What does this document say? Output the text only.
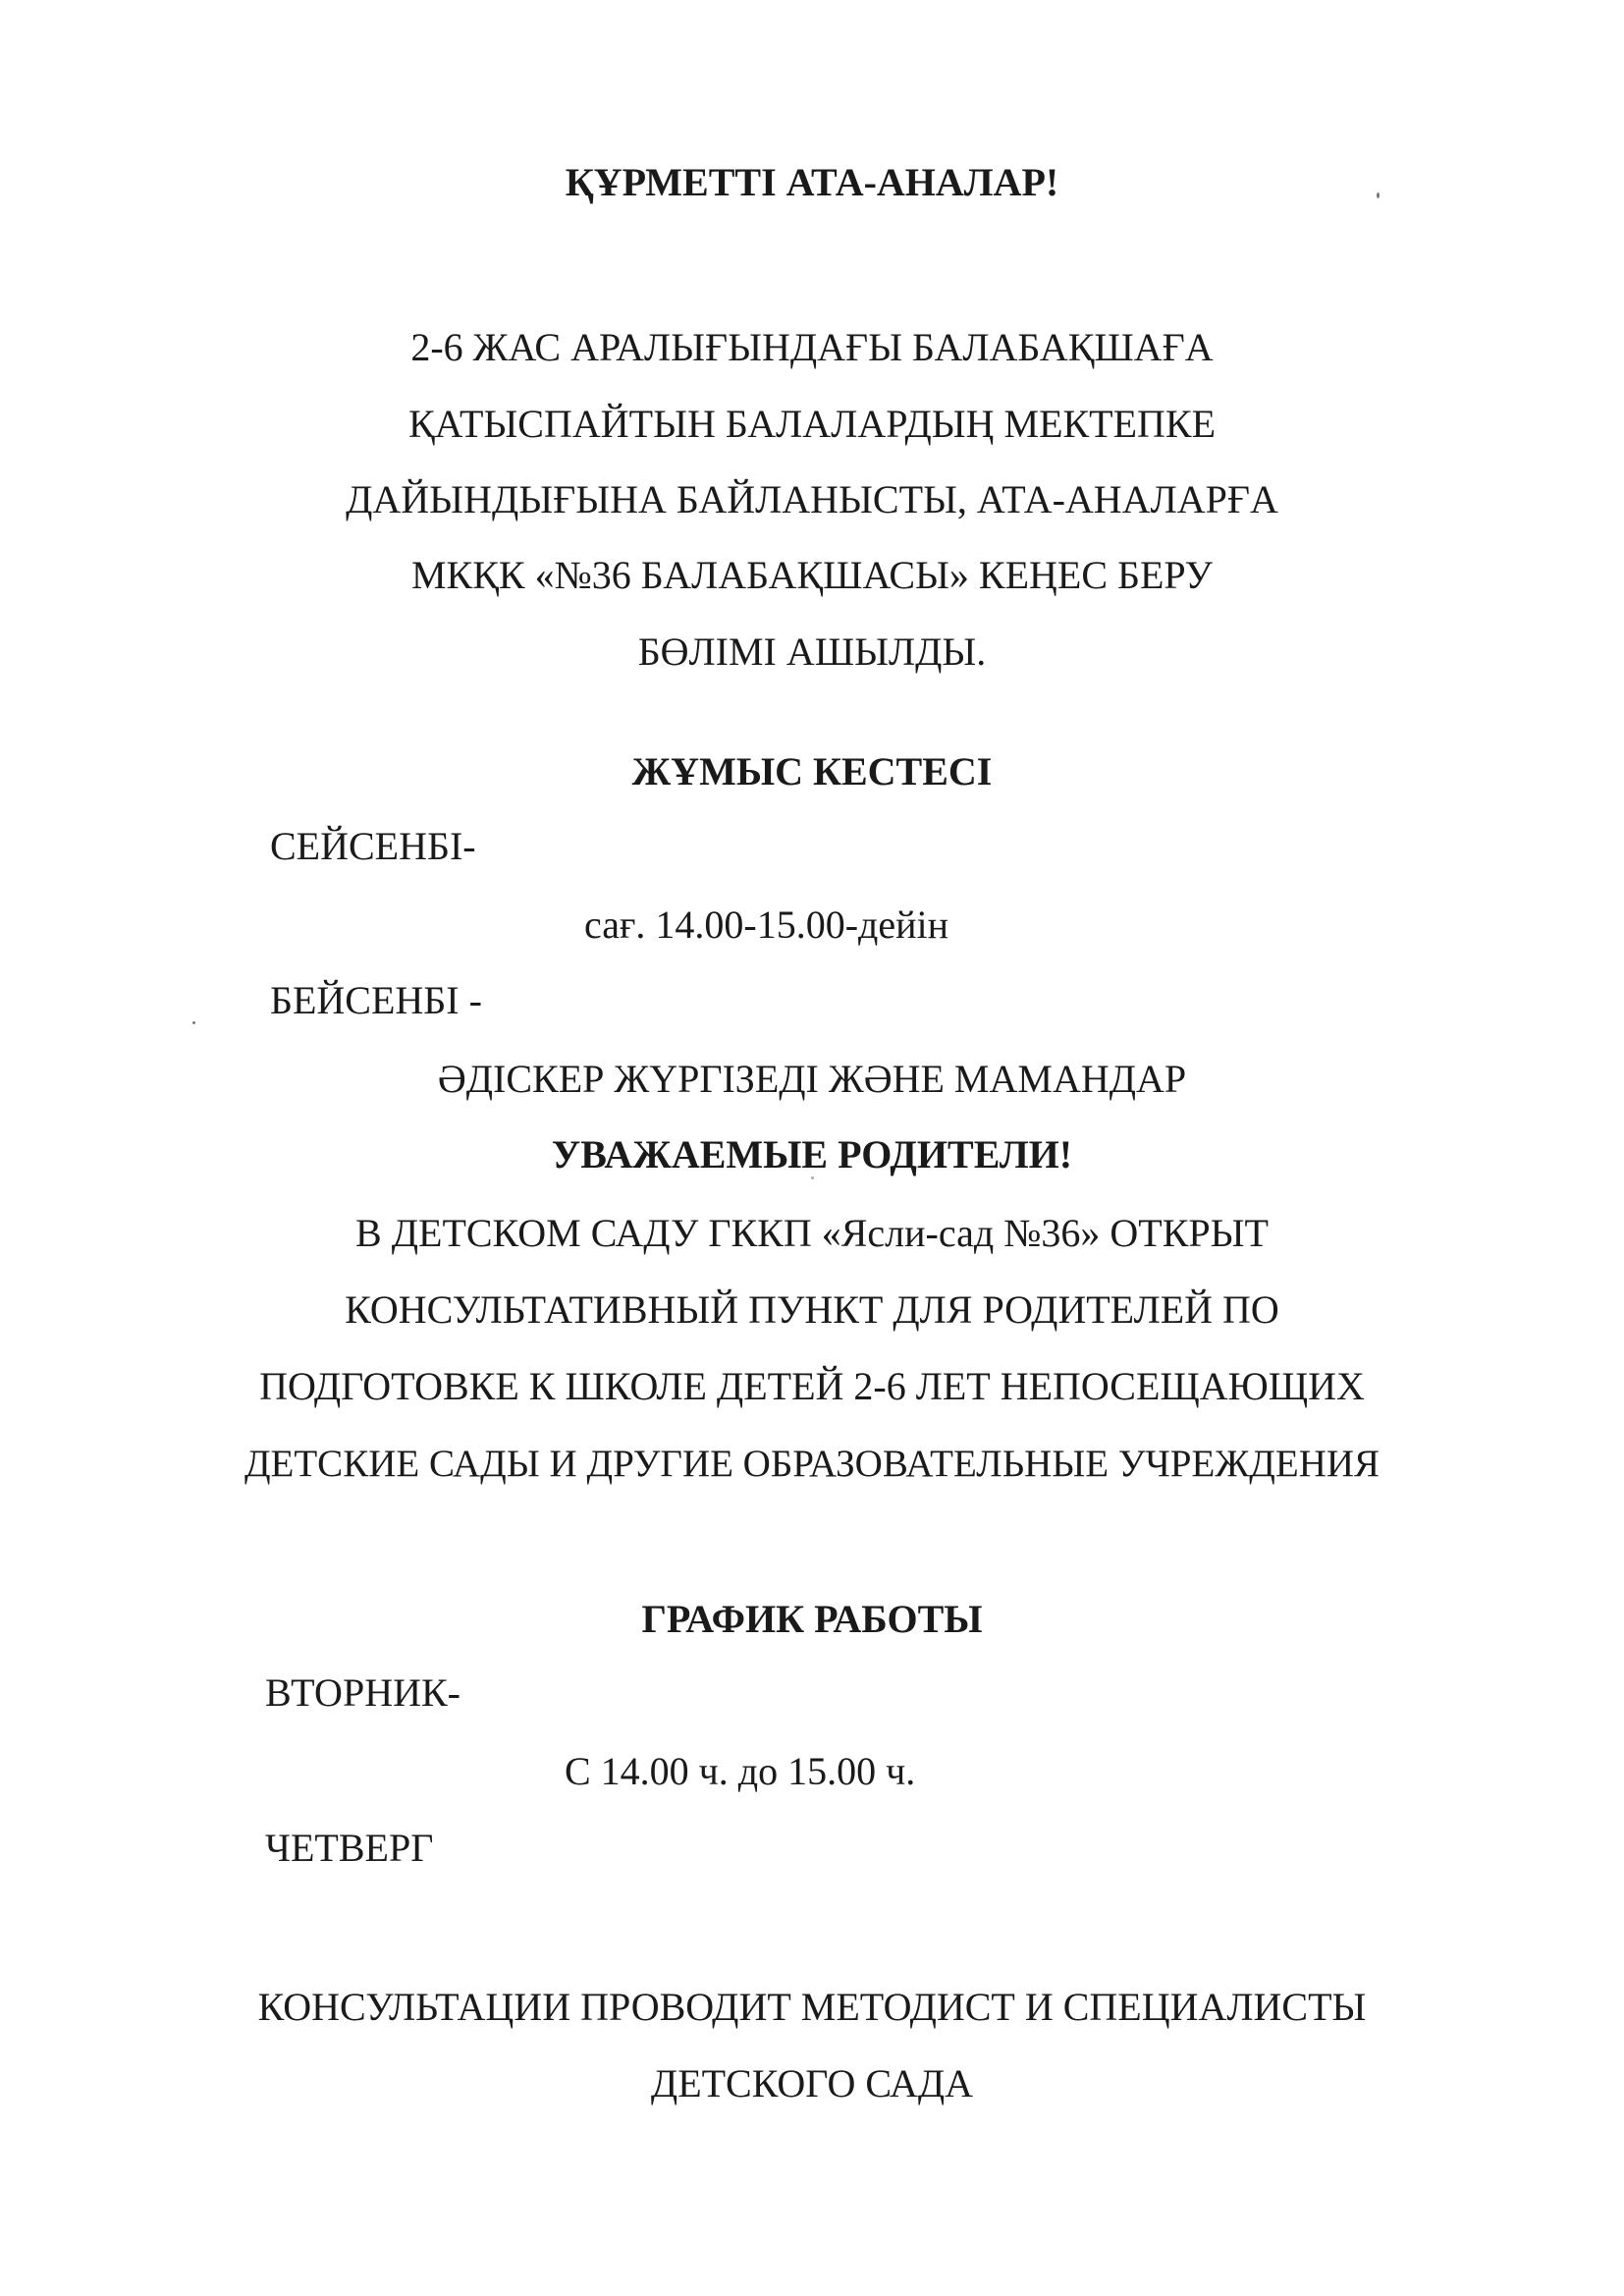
ҚҰРМЕТТІ АТА-АНАЛАР!
2-6 ЖАС АРАЛЫҒЫНДАҒЫ БАЛАБАҚШАҒА
ҚАТЫСПАЙТЫН БАЛАЛАРДЫҢ МЕКТЕПКЕ
ДАЙЫНДЫҒЫНА БАЙЛАНЫСТЫ, АТА-АНАЛАРҒА
МКҚК «№36 БАЛАБАҚШАСЫ» КЕҢЕС БЕРУ
БӨЛІМІ АШЫЛДЫ.
ЖҰМЫС КЕСТЕСІ
СЕЙСЕНБІ-
сағ. 14.00-15.00-дейін
БЕЙСЕНБІ -
ӘДІСКЕР ЖҮРГІЗЕДІ ЖӘНЕ МАМАНДАР
УВАЖАЕМЫЕ РОДИТЕЛИ!
В ДЕТСКОМ САДУ ГККП «Ясли-сад №36» ОТКРЫТ
КОНСУЛЬТАТИВНЫЙ ПУНКТ ДЛЯ РОДИТЕЛЕЙ ПО
ПОДГОТОВКЕ К ШКОЛЕ ДЕТЕЙ 2-6 ЛЕТ НЕПОСЕЩАЮЩИХ
ДЕТСКИЕ САДЫ И ДРУГИЕ ОБРАЗОВАТЕЛЬНЫЕ УЧРЕЖДЕНИЯ
ГРАФИК РАБОТЫ
ВТОРНИК-
С 14.00 ч. до 15.00 ч.
ЧЕТВЕРГ
КОНСУЛЬТАЦИИ ПРОВОДИТ МЕТОДИСТ И СПЕЦИАЛИСТЫ
ДЕТСКОГО САДА
